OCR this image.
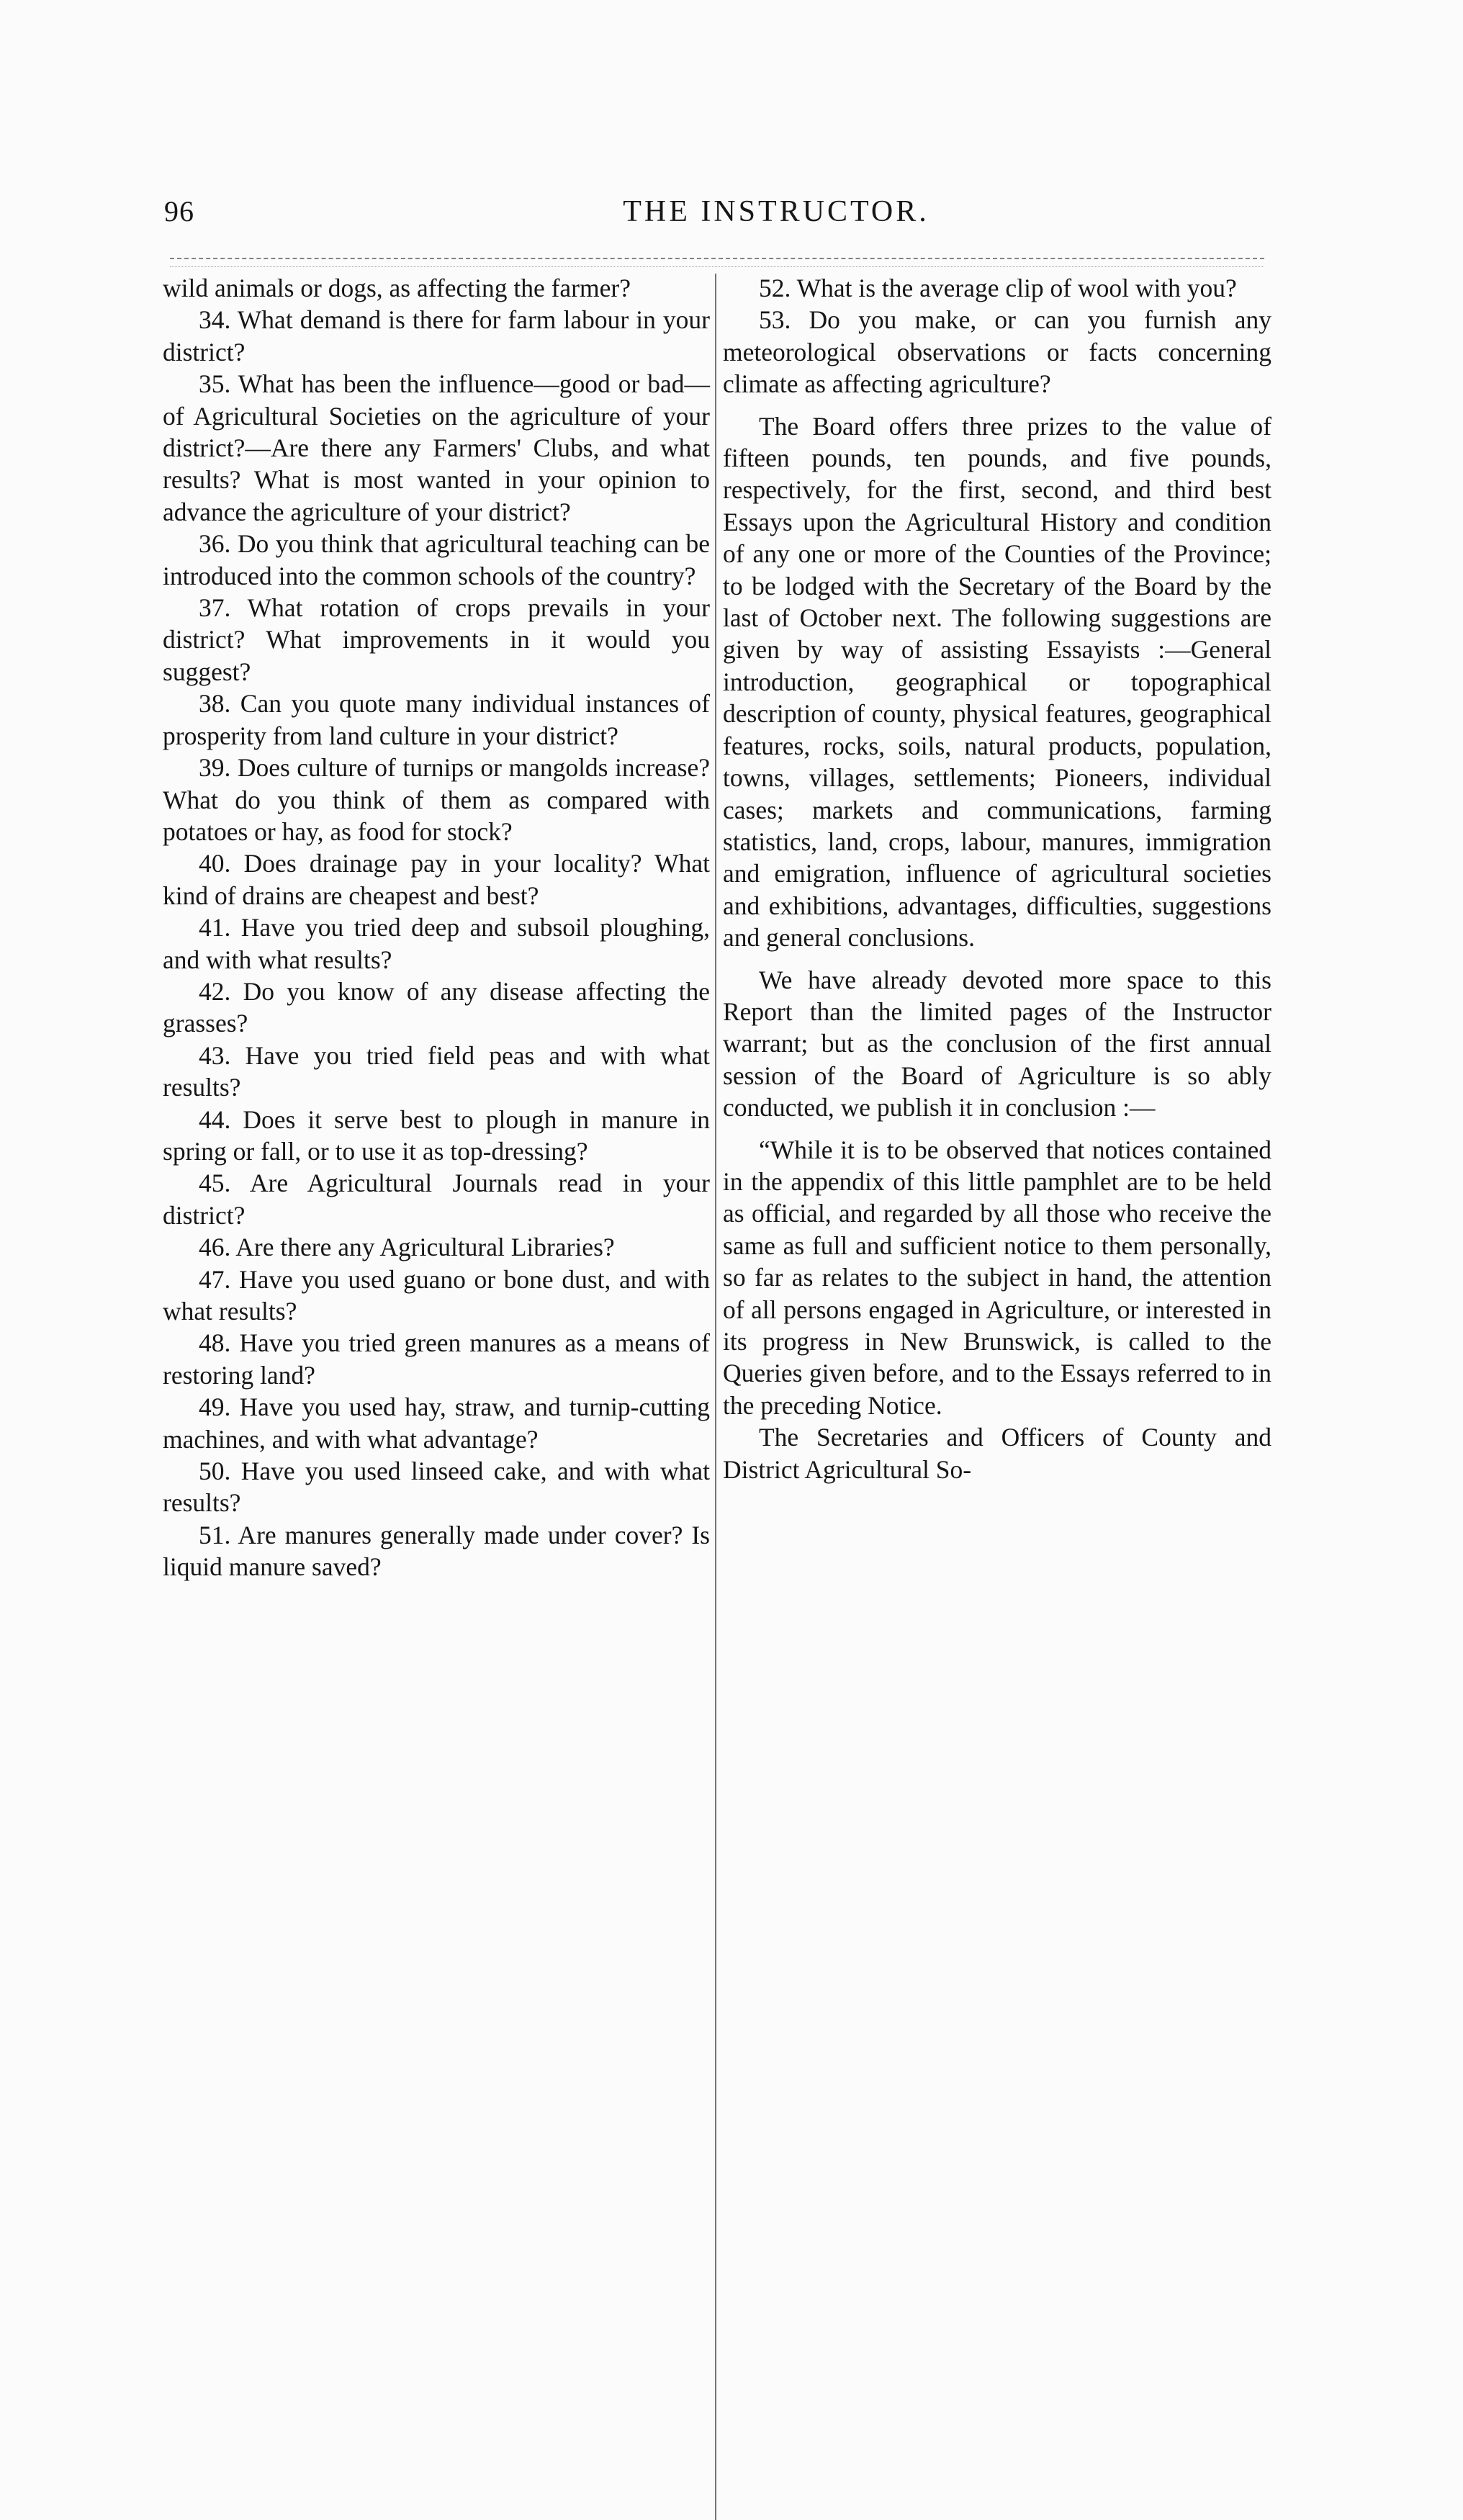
96	THE INSTRUCTOR.

wild animals or dogs, as affecting the farmer?

34. What demand is there for farm labour in your district?

35. What has been the influence—good or bad—of Agricultural Societies on the agriculture of your district?—Are there any Farmers' Clubs, and what results? What is most wanted in your opinion to advance the agriculture of your district?

36. Do you think that agricultural teaching can be introduced into the common schools of the country?

37. What rotation of crops prevails in your district? What improvements in it would you suggest?

38. Can you quote many individual instances of prosperity from land culture in your district?

39. Does culture of turnips or mangolds increase? What do you think of them as compared with potatoes or hay, as food for stock?

40. Does drainage pay in your locality? What kind of drains are cheapest and best?

41. Have you tried deep and subsoil ploughing, and with what results?

42. Do you know of any disease affecting the grasses?

43. Have you tried field peas and with what results?

44. Does it serve best to plough in manure in spring or fall, or to use it as top-dressing?

45. Are Agricultural Journals read in your district?

46. Are there any Agricultural Libraries?

47. Have you used guano or bone dust, and with what results?

48. Have you tried green manures as a means of restoring land?

49. Have you used hay, straw, and turnip-cutting machines, and with what advantage?

50. Have you used linseed cake, and with what results?

51. Are manures generally made under cover? Is liquid manure saved?

52. What is the average clip of wool with you?

53. Do you make, or can you furnish any meteorological observations or facts concerning climate as affecting agriculture?

The Board offers three prizes to the value of fifteen pounds, ten pounds, and five pounds, respectively, for the first, second, and third best Essays upon the Agricultural History and condition of any one or more of the Counties of the Province; to be lodged with the Secretary of the Board by the last of October next. The following suggestions are given by way of assisting Essayists :—General introduction, geographical or topographical description of county, physical features, geographical features, rocks, soils, natural products, population, towns, villages, settlements; Pioneers, individual cases; markets and communications, farming statistics, land, crops, labour, manures, immigration and emigration, influence of agricultural societies and exhibitions, advantages, difficulties, suggestions and general conclusions.

We have already devoted more space to this Report than the limited pages of the Instructor warrant; but as the conclusion of the first annual session of the Board of Agriculture is so ably conducted, we publish it in conclusion :—

“While it is to be observed that notices contained in the appendix of this little pamphlet are to be held as official, and regarded by all those who receive the same as full and sufficient notice to them personally, so far as relates to the subject in hand, the attention of all persons engaged in Agriculture, or interested in its progress in New Brunswick, is called to the Queries given before, and to the Essays referred to in the preceding Notice.

The Secretaries and Officers of County and District Agricultural So-
